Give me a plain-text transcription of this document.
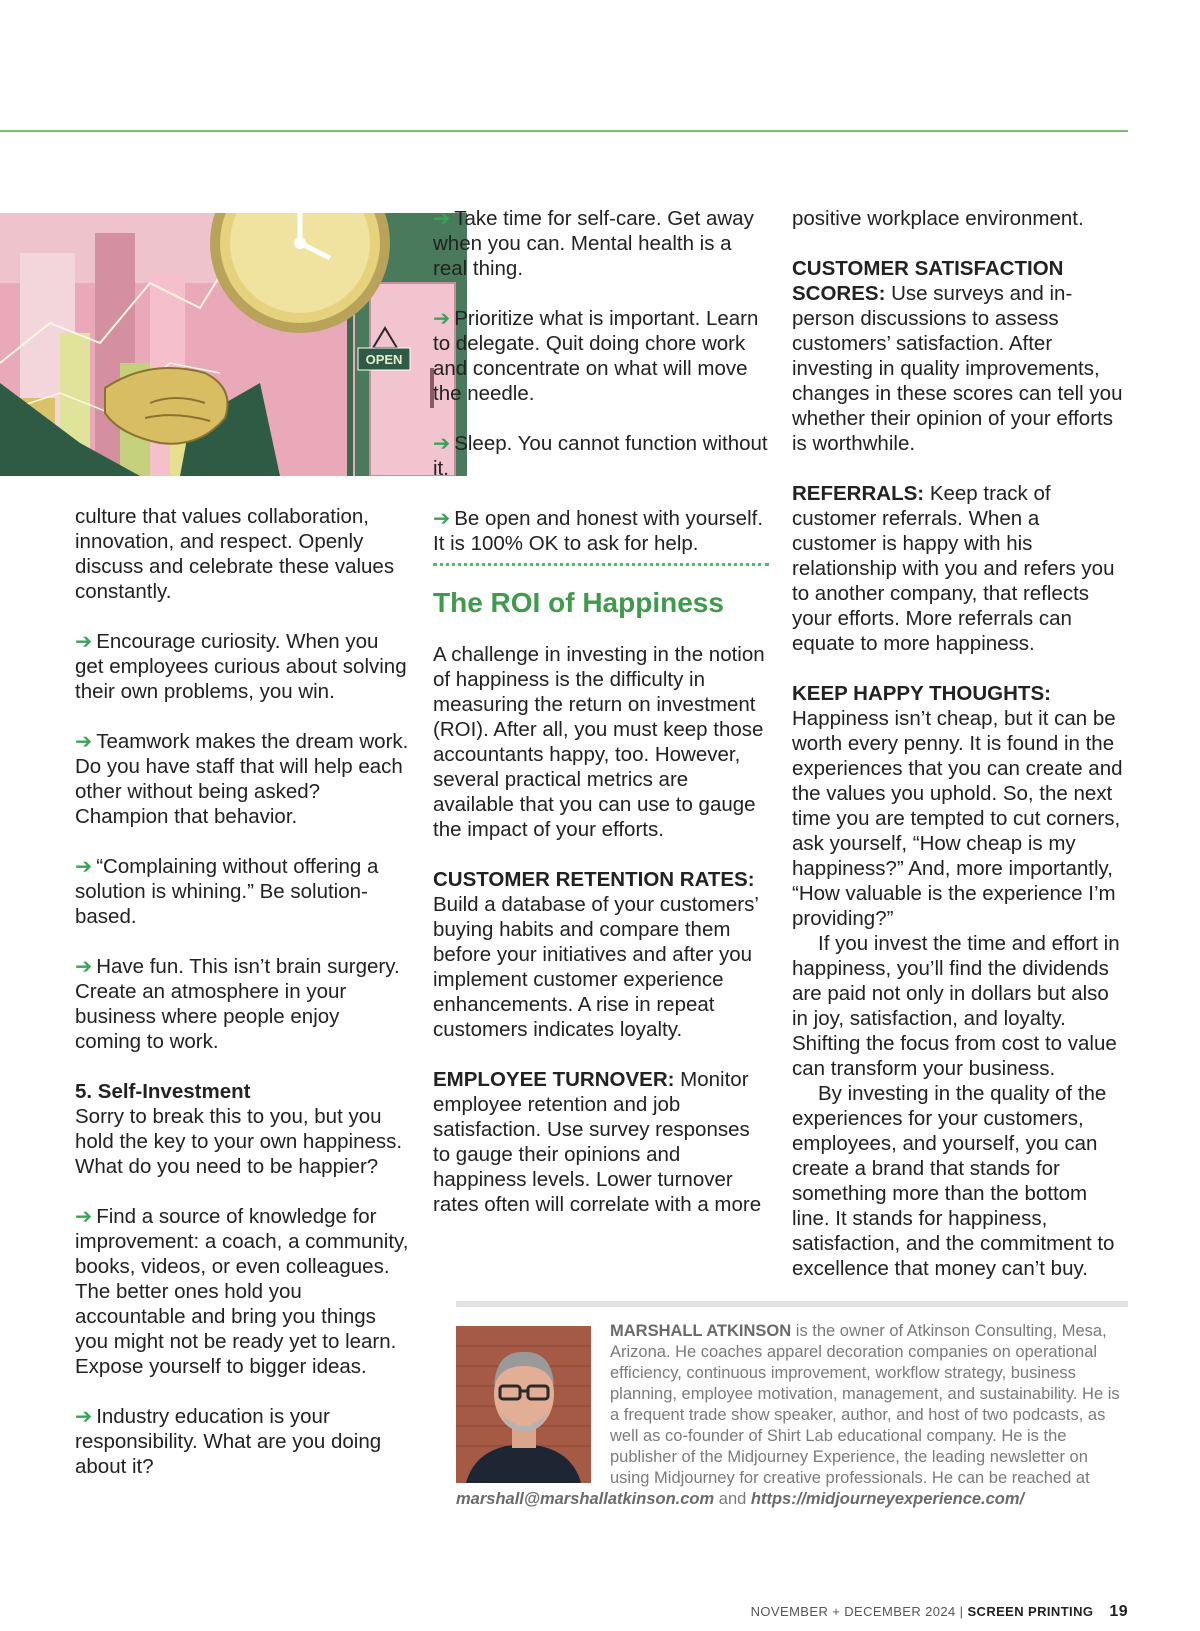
OPEN

culture that values collaboration, innovation, and respect. Openly discuss and celebrate these values constantly.

➔ Encourage curiosity. When you get employees curious about solving their own problems, you win.

➔ Teamwork makes the dream work. Do you have staff that will help each other without being asked? Champion that behavior.

➔ “Complaining without offering a solution is whining.” Be solution-based.

➔ Have fun. This isn’t brain surgery. Create an atmosphere in your business where people enjoy coming to work.

5. Self-Investment

Sorry to break this to you, but you hold the key to your own happiness. What do you need to be happier?

➔ Find a source of knowledge for improvement: a coach, a community, books, videos, or even colleagues. The better ones hold you accountable and bring you things you might not be ready yet to learn. Expose yourself to bigger ideas.

➔ Industry education is your responsibility. What are you doing about it?

➔ Take time for self-care. Get away when you can. Mental health is a real thing.

➔ Prioritize what is important. Learn to delegate. Quit doing chore work and concentrate on what will move the needle.

➔ Sleep. You cannot function without it.

➔ Be open and honest with yourself. It is 100% OK to ask for help.

The ROI of Happiness

A challenge in investing in the notion of happiness is the difficulty in measuring the return on investment (ROI). After all, you must keep those accountants happy, too. However, several practical metrics are available that you can use to gauge the impact of your efforts.

CUSTOMER RETENTION RATES: Build a database of your customers’ buying habits and compare them before your initiatives and after you implement customer experience enhancements. A rise in repeat customers indicates loyalty.

EMPLOYEE TURNOVER: Monitor employee retention and job satisfaction. Use survey responses to gauge their opinions and happiness levels. Lower turnover rates often will correlate with a more

positive workplace environment.

CUSTOMER SATISFACTION SCORES: Use surveys and in-person discussions to assess customers’ satisfaction. After investing in quality improvements, changes in these scores can tell you whether their opinion of your efforts is worthwhile.

REFERRALS: Keep track of customer referrals. When a customer is happy with his relationship with you and refers you to another company, that reflects your efforts. More referrals can equate to more happiness.

KEEP HAPPY THOUGHTS: Happiness isn’t cheap, but it can be worth every penny. It is found in the experiences that you can create and the values you uphold. So, the next time you are tempted to cut corners, ask yourself, “How cheap is my happiness?” And, more importantly, “How valuable is the experience I’m providing?”

If you invest the time and effort in happiness, you’ll find the dividends are paid not only in dollars but also in joy, satisfaction, and loyalty. Shifting the focus from cost to value can transform your business.

By investing in the quality of the experiences for your customers, employees, and yourself, you can create a brand that stands for something more than the bottom line. It stands for happiness, satisfaction, and the commitment to excellence that money can’t buy.

MARSHALL ATKINSON is the owner of Atkinson Consulting, Mesa, Arizona. He coaches apparel decoration companies on operational efficiency, continuous improvement, workflow strategy, business planning, employee motivation, management, and sustainability. He is a frequent trade show speaker, author, and host of two podcasts, as well as co-founder of Shirt Lab educational company. He is the publisher of the Midjourney Experience, the leading newsletter on using Midjourney for creative professionals. He can be reached at marshall@marshallatkinson.com and https://midjourneyexperience.com/
NOVEMBER + DECEMBER 2024 | SCREEN PRINTING 19
